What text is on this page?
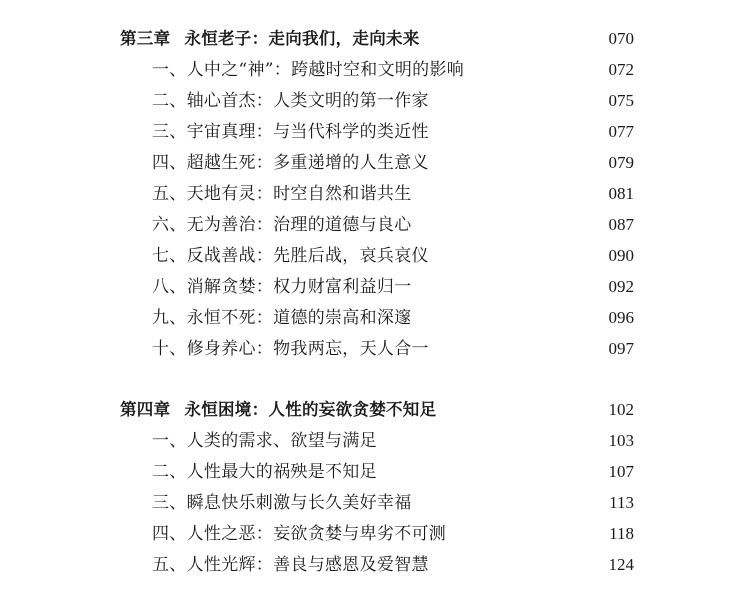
第三章 永恒老子：走向我们，走向未来	070
一、人中之“神”：跨越时空和文明的影响	072
二、轴心首杰：人类文明的第一作家	075
三、宇宙真理：与当代科学的类近性	077
四、超越生死：多重递增的人生意义	079
五、天地有灵：时空自然和谐共生	081
六、无为善治：治理的道德与良心	087
七、反战善战：先胜后战，哀兵哀仪	090
八、消解贪婪：权力财富利益归一	092
九、永恒不死：道德的崇高和深邃	096
十、修身养心：物我两忘，天人合一	097
第四章 永恒困境：人性的妄欲贪婪不知足	102
一、人类的需求、欲望与满足	103
二、人性最大的祸殃是不知足	107
三、瞬息快乐刺激与长久美好幸福	113
四、人性之恶：妄欲贪婪与卑劣不可测	118
五、人性光辉：善良与感恩及爱智慧	124
